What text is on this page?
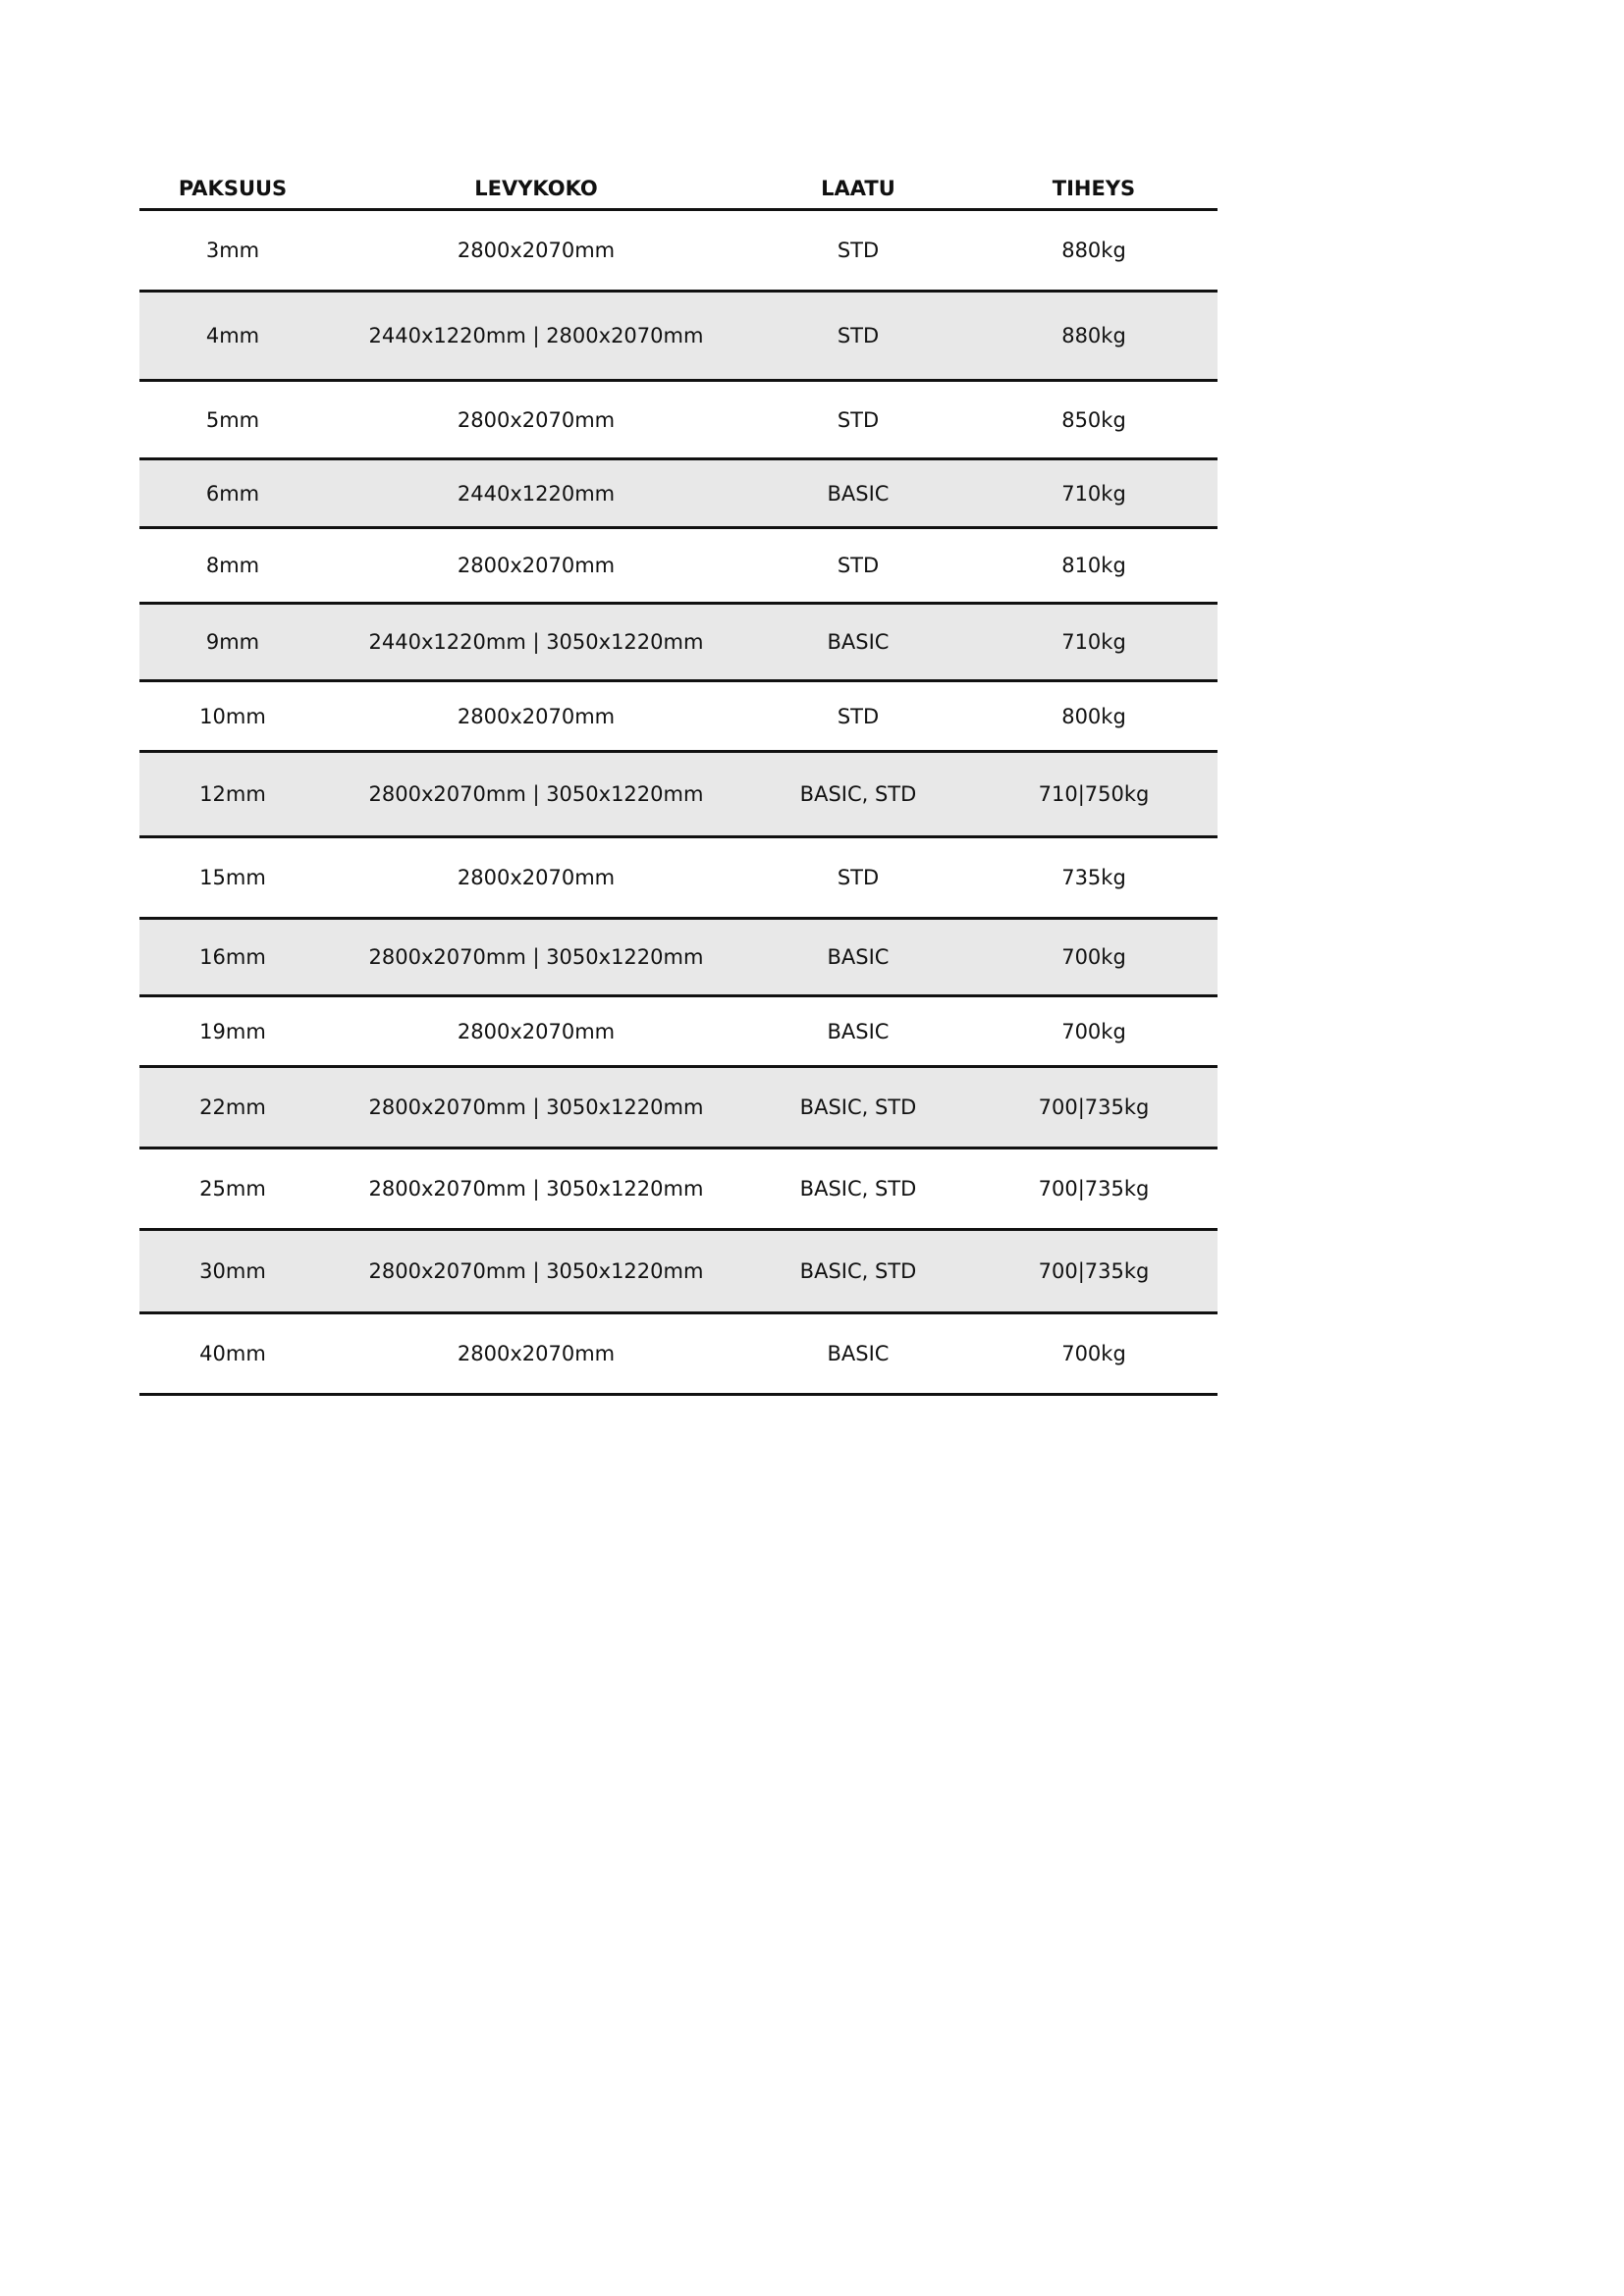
PAKSUUS	LEVYKOKO	LAATU	TIHEYS
3mm	2800x2070mm	STD	880kg
4mm	2440x1220mm | 2800x2070mm	STD	880kg
5mm	2800x2070mm	STD	850kg
6mm	2440x1220mm	BASIC	710kg
8mm	2800x2070mm	STD	810kg
9mm	2440x1220mm | 3050x1220mm	BASIC	710kg
10mm	2800x2070mm	STD	800kg
12mm	2800x2070mm | 3050x1220mm	BASIC, STD	710|750kg
15mm	2800x2070mm	STD	735kg
16mm	2800x2070mm | 3050x1220mm	BASIC	700kg
19mm	2800x2070mm	BASIC	700kg
22mm	2800x2070mm | 3050x1220mm	BASIC, STD	700|735kg
25mm	2800x2070mm | 3050x1220mm	BASIC, STD	700|735kg
30mm	2800x2070mm | 3050x1220mm	BASIC, STD	700|735kg
40mm	2800x2070mm	BASIC	700kg
